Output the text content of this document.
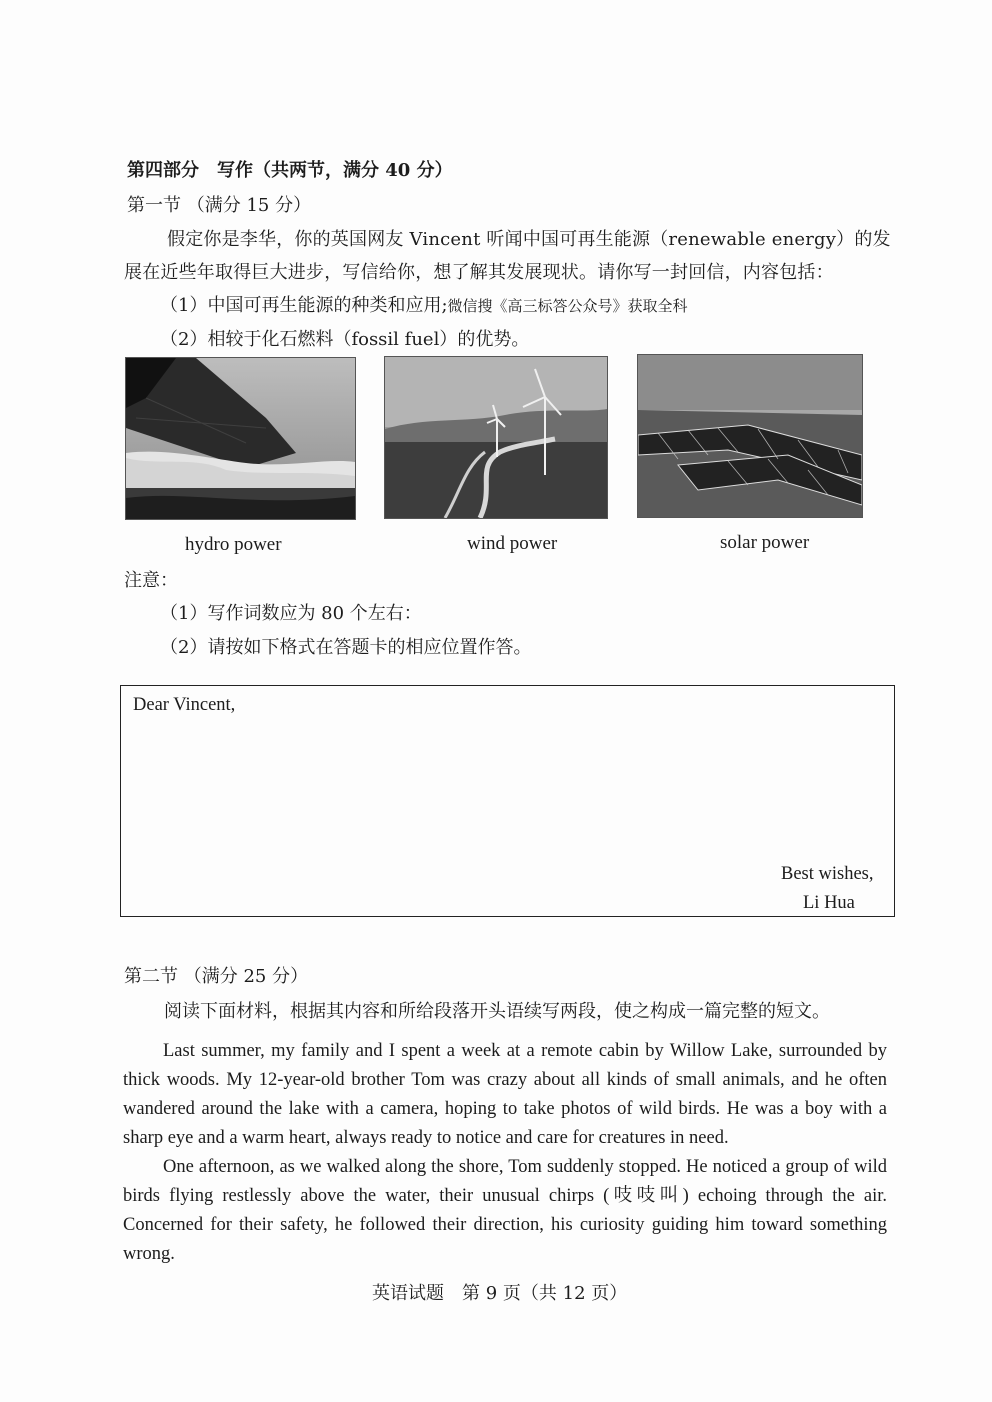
第四部分　写作（共两节，满分 40 分）
第一节 （满分 15 分）
假定你是李华，你的英国网友 Vincent 听闻中国可再生能源（renewable energy）的发
展在近些年取得巨大进步，写信给你，想了解其发展现状。请你写一封回信，内容包括：
（1）中国可再生能源的种类和应用;微信搜《高三标答公众号》获取全科
（2）相较于化石燃料（fossil fuel）的优势。
hydro power	wind power	solar power
注意：
（1）写作词数应为 80 个左右：
（2）请按如下格式在答题卡的相应位置作答。
Dear Vincent,
Best wishes,
Li Hua
第二节 （满分 25 分）
阅读下面材料，根据其内容和所给段落开头语续写两段，使之构成一篇完整的短文。
Last summer, my family and I spent a week at a remote cabin by Willow Lake, surrounded by thick woods. My 12-year-old brother Tom was crazy about all kinds of small animals, and he often wandered around the lake with a camera, hoping to take photos of wild birds. He was a boy with a sharp eye and a warm heart, always ready to notice and care for creatures in need.
One afternoon, as we walked along the shore, Tom suddenly stopped. He noticed a group of wild birds flying restlessly above the water, their unusual chirps (吱吱叫) echoing through the air. Concerned for their safety, he followed their direction, his curiosity guiding him toward something wrong.
英语试题　第 9 页（共 12 页）
